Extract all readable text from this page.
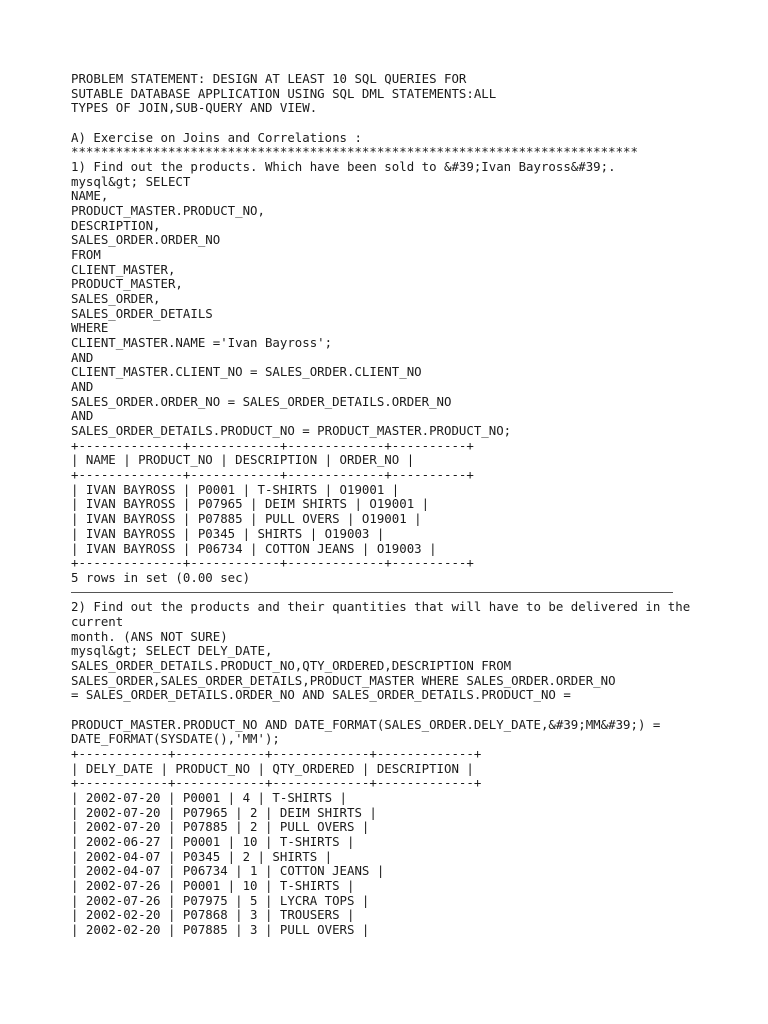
PROBLEM STATEMENT: DESIGN AT LEAST 10 SQL QUERIES FOR
SUTABLE DATABASE APPLICATION USING SQL DML STATEMENTS:ALL
TYPES OF JOIN,SUB-QUERY AND VIEW.
A) Exercise on Joins and Correlations :
****************************************************************************
1) Find out the products. Which have been sold to &#39;Ivan Bayross&#39;.
mysql&gt; SELECT
NAME,
PRODUCT_MASTER.PRODUCT_NO,
DESCRIPTION,
SALES_ORDER.ORDER_NO
FROM
CLIENT_MASTER,
PRODUCT_MASTER,
SALES_ORDER,
SALES_ORDER_DETAILS
WHERE
CLIENT_MASTER.NAME ='Ivan Bayross';
AND
CLIENT_MASTER.CLIENT_NO = SALES_ORDER.CLIENT_NO
AND
SALES_ORDER.ORDER_NO = SALES_ORDER_DETAILS.ORDER_NO
AND
SALES_ORDER_DETAILS.PRODUCT_NO = PRODUCT_MASTER.PRODUCT_NO;
+--------------+------------+-------------+----------+
| NAME | PRODUCT_NO | DESCRIPTION | ORDER_NO |
+--------------+------------+-------------+----------+
| IVAN BAYROSS | P0001 | T-SHIRTS | O19001 |
| IVAN BAYROSS | P07965 | DEIM SHIRTS | O19001 |
| IVAN BAYROSS | P07885 | PULL OVERS | O19001 |
| IVAN BAYROSS | P0345 | SHIRTS | O19003 |
| IVAN BAYROSS | P06734 | COTTON JEANS | O19003 |
+--------------+------------+-------------+----------+
5 rows in set (0.00 sec)
2) Find out the products and their quantities that will have to be delivered in the
current
month. (ANS NOT SURE)
mysql&gt; SELECT DELY_DATE,
SALES_ORDER_DETAILS.PRODUCT_NO,QTY_ORDERED,DESCRIPTION FROM
SALES_ORDER,SALES_ORDER_DETAILS,PRODUCT_MASTER WHERE SALES_ORDER.ORDER_NO
= SALES_ORDER_DETAILS.ORDER_NO AND SALES_ORDER_DETAILS.PRODUCT_NO =
PRODUCT_MASTER.PRODUCT_NO AND DATE_FORMAT(SALES_ORDER.DELY_DATE,&#39;MM&#39;) =
DATE_FORMAT(SYSDATE(),'MM');
+------------+------------+-------------+-------------+
| DELY_DATE | PRODUCT_NO | QTY_ORDERED | DESCRIPTION |
+------------+------------+-------------+-------------+
| 2002-07-20 | P0001 | 4 | T-SHIRTS |
| 2002-07-20 | P07965 | 2 | DEIM SHIRTS |
| 2002-07-20 | P07885 | 2 | PULL OVERS |
| 2002-06-27 | P0001 | 10 | T-SHIRTS |
| 2002-04-07 | P0345 | 2 | SHIRTS |
| 2002-04-07 | P06734 | 1 | COTTON JEANS |
| 2002-07-26 | P0001 | 10 | T-SHIRTS |
| 2002-07-26 | P07975 | 5 | LYCRA TOPS |
| 2002-02-20 | P07868 | 3 | TROUSERS |
| 2002-02-20 | P07885 | 3 | PULL OVERS |
